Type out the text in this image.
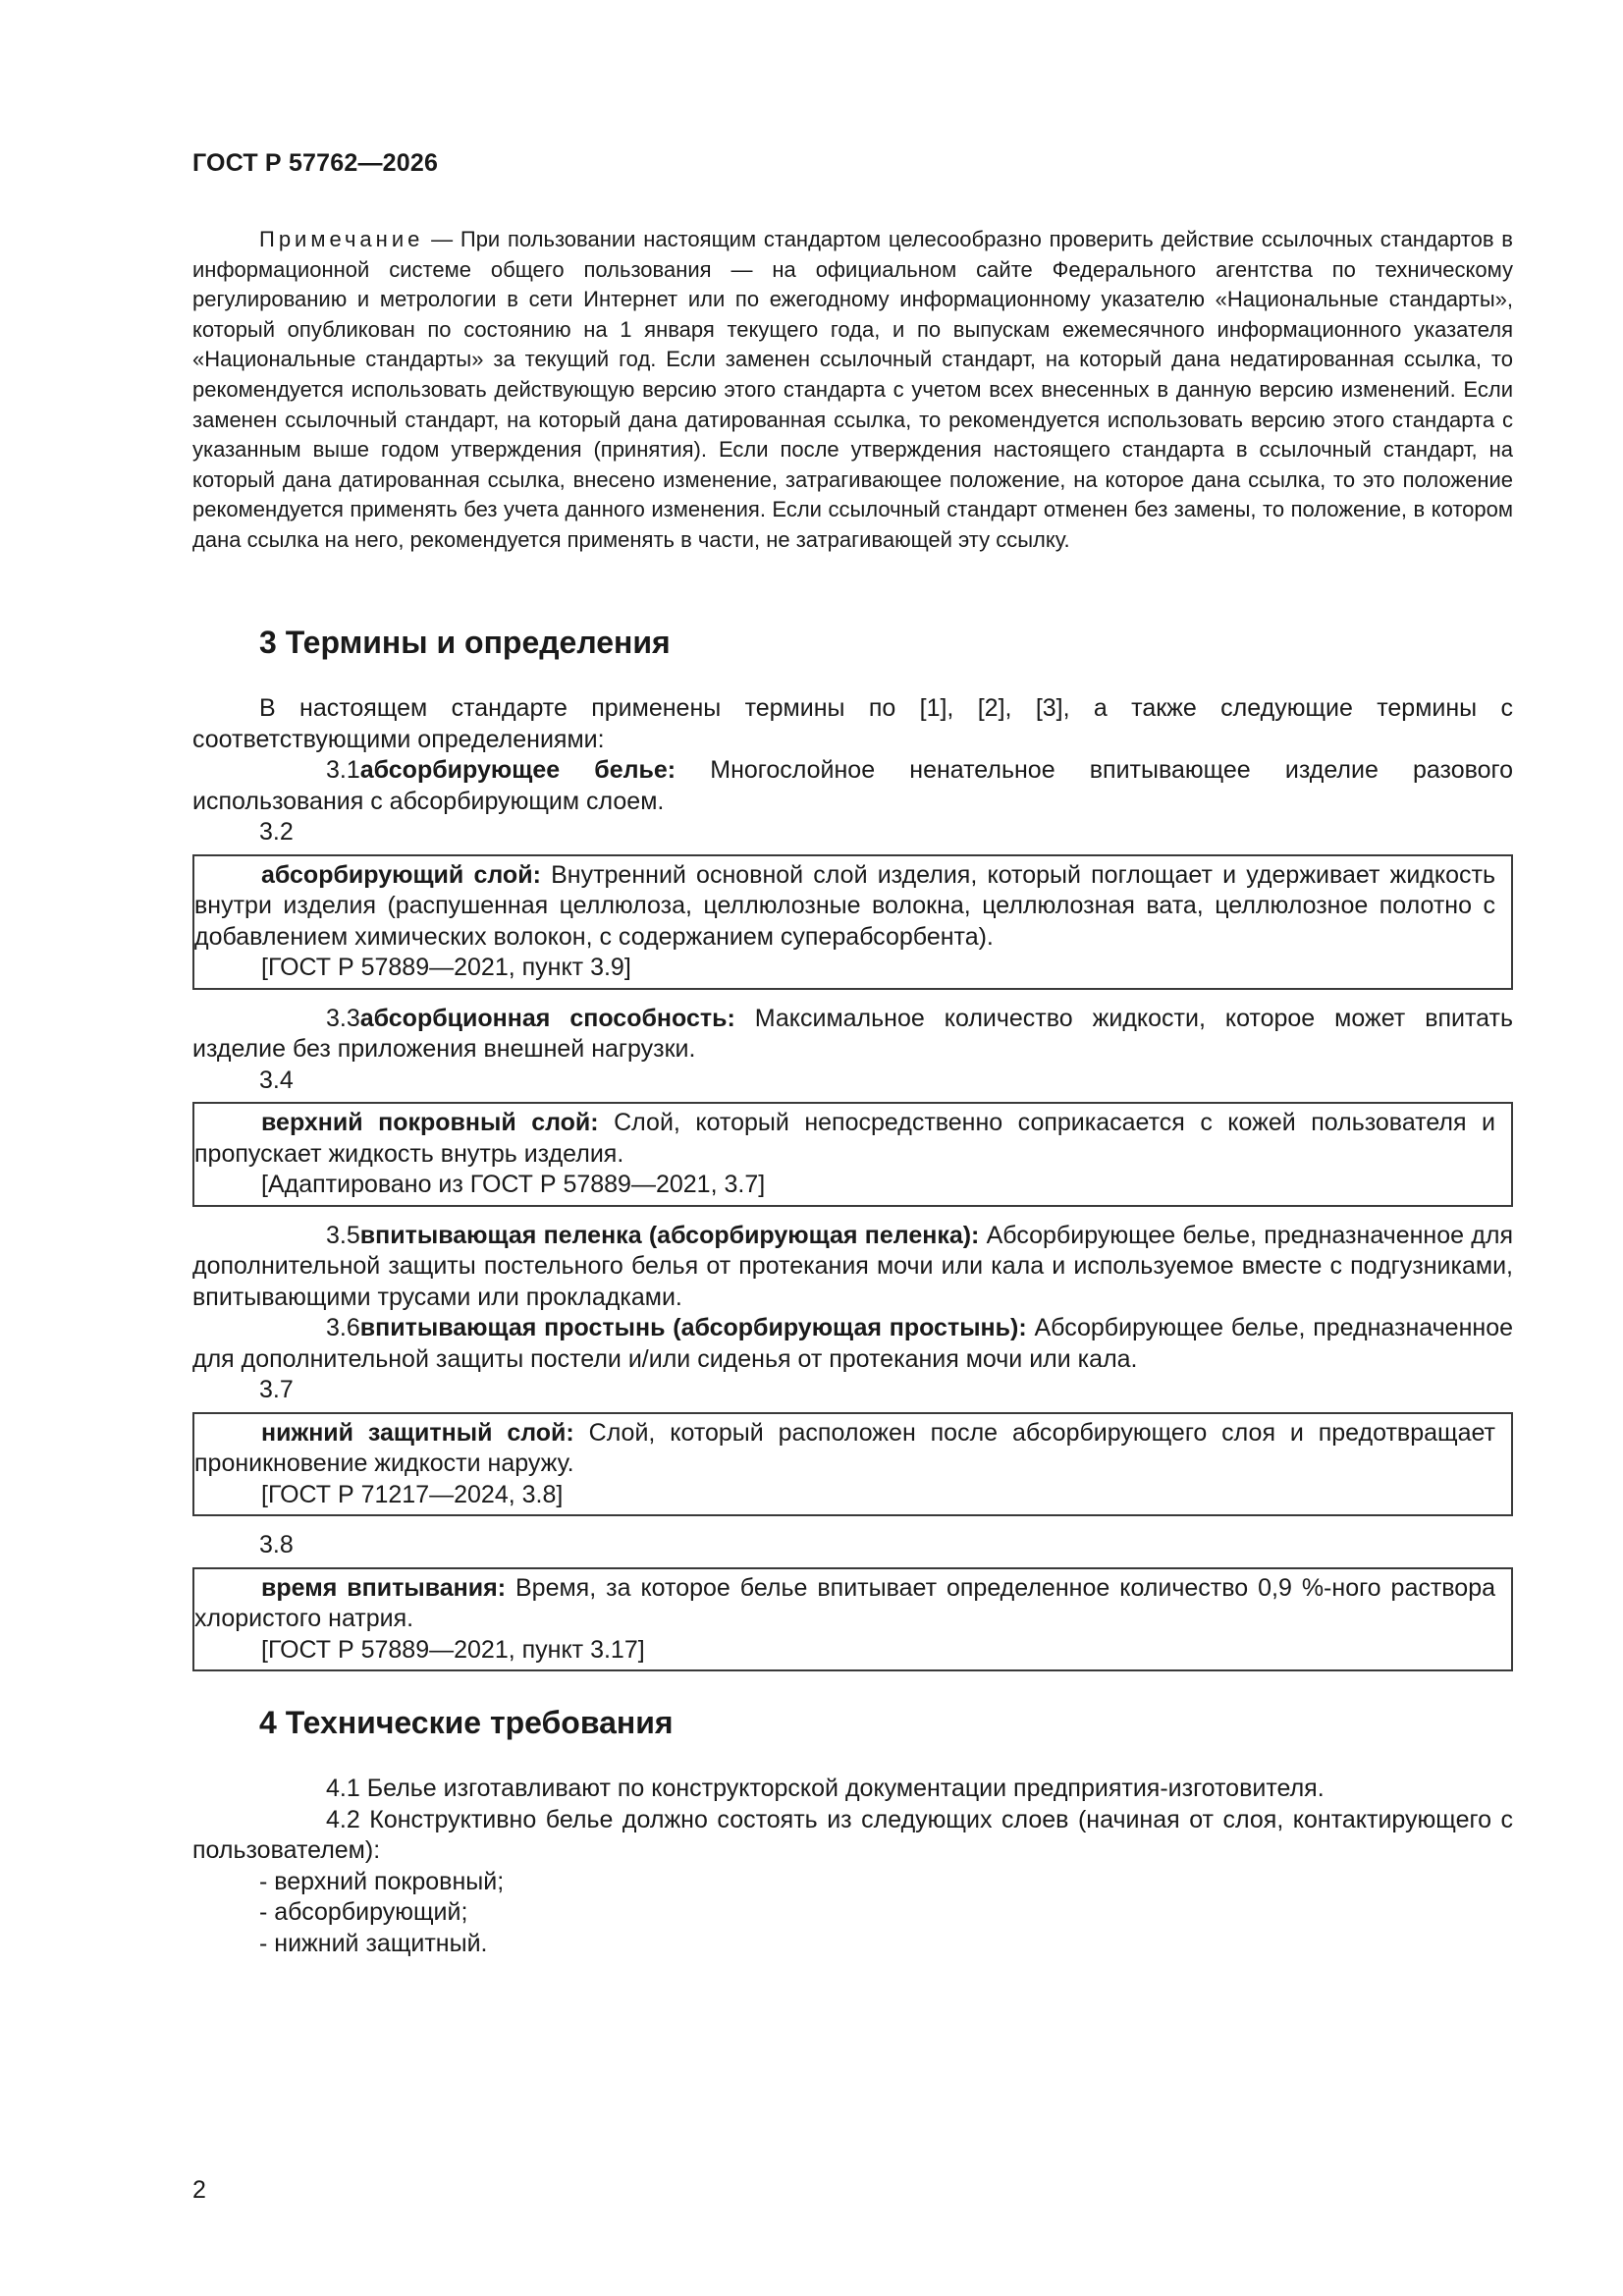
ГОСТ Р 57762—2026
Примечание — При пользовании настоящим стандартом целесообразно проверить действие ссылочных стандартов в информационной системе общего пользования — на официальном сайте Федерального агентства по техническому регулированию и метрологии в сети Интернет или по ежегодному информационному указателю «Национальные стандарты», который опубликован по состоянию на 1 января текущего года, и по выпускам ежемесячного информационного указателя «Национальные стандарты» за текущий год. Если заменен ссылочный стандарт, на который дана недатированная ссылка, то рекомендуется использовать действующую версию этого стандарта с учетом всех внесенных в данную версию изменений. Если заменен ссылочный стандарт, на который дана датированная ссылка, то рекомендуется использовать версию этого стандарта с указанным выше годом утверждения (принятия). Если после утверждения настоящего стандарта в ссылочный стандарт, на который дана датированная ссылка, внесено изменение, затрагивающее положение, на которое дана ссылка, то это положение рекомендуется применять без учета данного изменения. Если ссылочный стандарт отменен без замены, то положение, в котором дана ссылка на него, рекомендуется применять в части, не затрагивающей эту ссылку.
3 Термины и определения

В настоящем стандарте применены термины по [1], [2], [3], а также следующие термины с соответствующими определениями:

3.1абсорбирующее белье: Многослойное ненательное впитывающее изделие разового использования с абсорбирующим слоем.

3.2

абсорбирующий слой: Внутренний основной слой изделия, который поглощает и удерживает жидкость внутри изделия (распушенная целлюлоза, целлюлозные волокна, целлюлозная вата, целлюлозное полотно с добавлением химических волокон, с содержанием суперабсорбента).

[ГОСТ Р 57889—2021, пункт 3.9]

3.3абсорбционная способность: Максимальное количество жидкости, которое может впитать изделие без приложения внешней нагрузки.

3.4

верхний покровный слой: Слой, который непосредственно соприкасается с кожей пользователя и пропускает жидкость внутрь изделия.

[Адаптировано из ГОСТ Р 57889—2021, 3.7]

3.5впитывающая пеленка (абсорбирующая пеленка): Абсорбирующее белье, предназначенное для дополнительной защиты постельного белья от протекания мочи или кала и используемое вместе с подгузниками, впитывающими трусами или прокладками.

3.6впитывающая простынь (абсорбирующая простынь): Абсорбирующее белье, предназначенное для дополнительной защиты постели и/или сиденья от протекания мочи или кала.

3.7

нижний защитный слой: Слой, который расположен после абсорбирующего слоя и предотвращает проникновение жидкости наружу.

[ГОСТ Р 71217—2024, 3.8]

3.8

время впитывания: Время, за которое белье впитывает определенное количество 0,9 %-ного раствора хлористого натрия.

[ГОСТ Р 57889—2021, пункт 3.17]
4 Технические требования

4.1 Белье изготавливают по конструкторской документации предприятия-изготовителя.

4.2 Конструктивно белье должно состоять из следующих слоев (начиная от слоя, контактирующего с пользователем):

- верхний покровный;
- абсорбирующий;
- нижний защитный.
2
